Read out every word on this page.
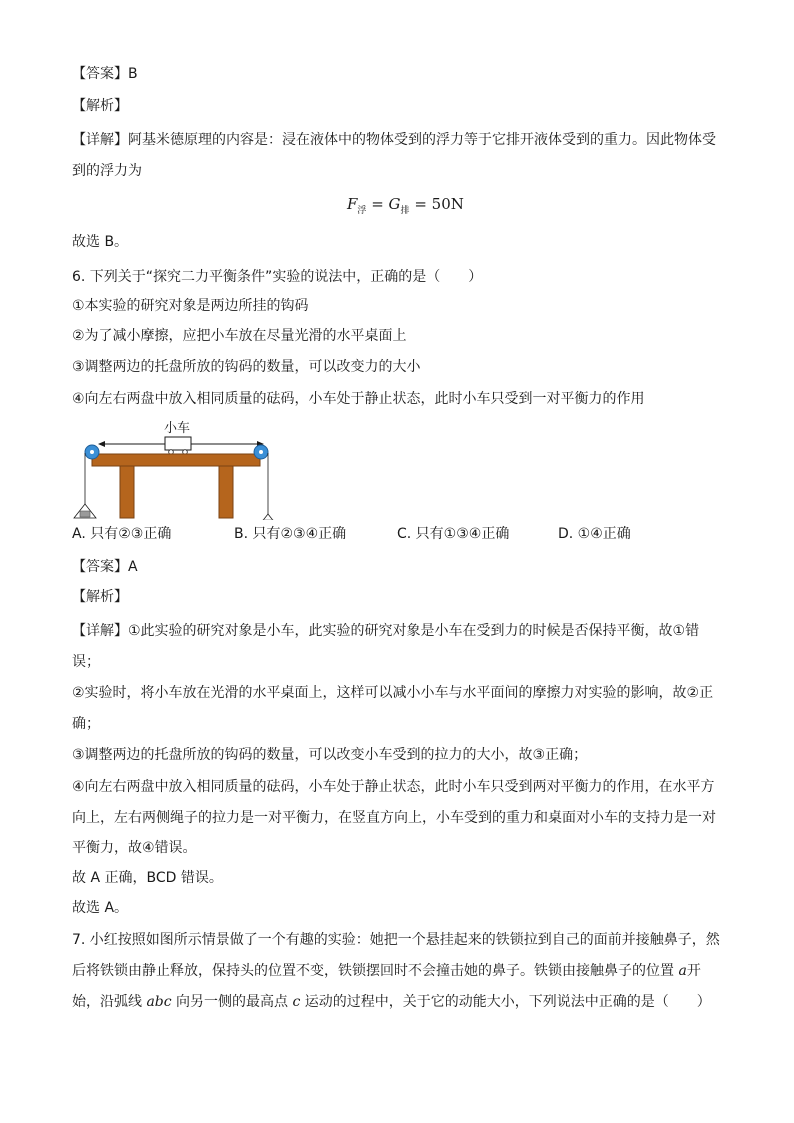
【答案】B
【解析】
【详解】阿基米德原理的内容是：浸在液体中的物体受到的浮力等于它排开液体受到的重力。因此物体受
到的浮力为
$F_浮 = G_排 = 50N$
故选 B。
6. 下列关于“探究二力平衡条件”实验的说法中，正确的是（　　）
①本实验的研究对象是两边所挂的钩码
②为了减小摩擦，应把小车放在尽量光滑的水平桌面上
③调整两边的托盘所放的钩码的数量，可以改变力的大小
④向左右两盘中放入相同质量的砝码，小车处于静止状态，此时小车只受到一对平衡力的作用
小车
A. 只有②③正确	B. 只有②③④正确	C. 只有①③④正确	D. ①④正确
【答案】A
【解析】
【详解】①此实验的研究对象是小车，此实验的研究对象是小车在受到力的时候是否保持平衡，故①错
误；
②实验时，将小车放在光滑的水平桌面上，这样可以减小小车与水平面间的摩擦力对实验的影响，故②正
确；
③调整两边的托盘所放的钩码的数量，可以改变小车受到的拉力的大小，故③正确；
④向左右两盘中放入相同质量的砝码，小车处于静止状态，此时小车只受到两对平衡力的作用，在水平方
向上，左右两侧绳子的拉力是一对平衡力，在竖直方向上，小车受到的重力和桌面对小车的支持力是一对
平衡力，故④错误。
故 A 正确，BCD 错误。
故选 A。
7. 小红按照如图所示情景做了一个有趣的实验：她把一个悬挂起来的铁锁拉到自己的面前并接触鼻子，然
后将铁锁由静止释放，保持头的位置不变，铁锁摆回时不会撞击她的鼻子。铁锁由接触鼻子的位置 a开
始，沿弧线 abc 向另一侧的最高点 c 运动的过程中，关于它的动能大小，下列说法中正确的是（　　）
